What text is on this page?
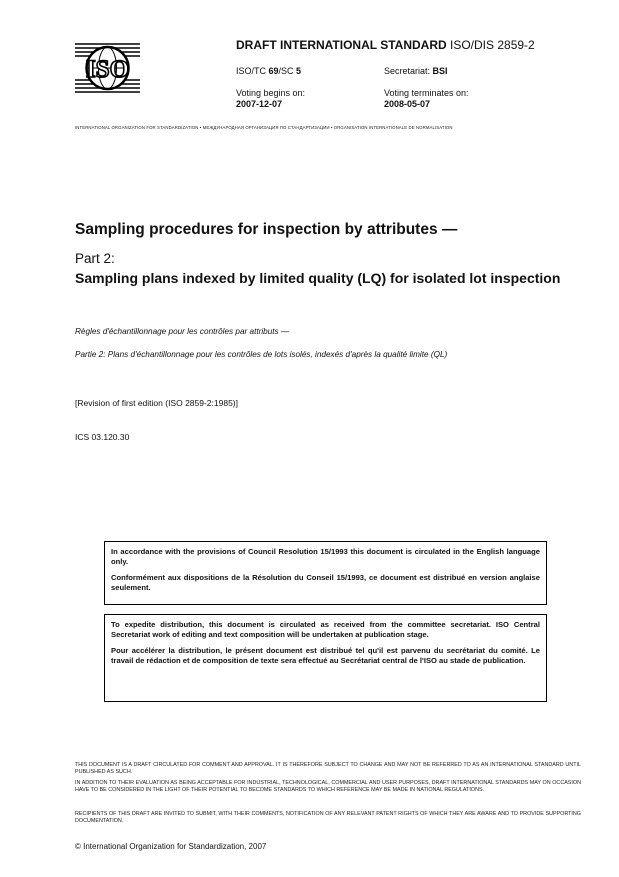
ISO
DRAFT INTERNATIONAL STANDARD ISO/DIS 2859-2
ISO/TC 69/SC 5	Secretariat: BSI
Voting begins on:
2007-12-07
Voting terminates on:
2008-05-07
INTERNATIONAL ORGANIZATION FOR STANDARDIZATION • МЕЖДУНАРОДНАЯ ОРГАНИЗАЦИЯ ПО СТАНДАРТИЗАЦИИ • ORGANISATION INTERNATIONALE DE NORMALISATION
Sampling procedures for inspection by attributes —
Part 2:
Sampling plans indexed by limited quality (LQ) for isolated lot inspection
Règles d'échantillonnage pour les contrôles par attributs —
Partie 2: Plans d'échantillonnage pour les contrôles de lots isolés, indexés d'après la qualité limite (QL)
[Revision of first edition (ISO 2859-2:1985)]
ICS 03.120.30

In accordance with the provisions of Council Resolution 15/1993 this document is circulated in the English language only.

Conformément aux dispositions de la Résolution du Conseil 15/1993, ce document est distribué en version anglaise seulement.

To expedite distribution, this document is circulated as received from the committee secretariat. ISO Central Secretariat work of editing and text composition will be undertaken at publication stage.

Pour accélérer la distribution, le présent document est distribué tel qu'il est parvenu du secrétariat du comité. Le travail de rédaction et de composition de texte sera effectué au Secrétariat central de l'ISO au stade de publication.

THIS DOCUMENT IS A DRAFT CIRCULATED FOR COMMENT AND APPROVAL. IT IS THEREFORE SUBJECT TO CHANGE AND MAY NOT BE REFERRED TO AS AN INTERNATIONAL STANDARD UNTIL PUBLISHED AS SUCH.
IN ADDITION TO THEIR EVALUATION AS BEING ACCEPTABLE FOR INDUSTRIAL, TECHNOLOGICAL, COMMERCIAL AND USER PURPOSES, DRAFT INTERNATIONAL STANDARDS MAY ON OCCASION HAVE TO BE CONSIDERED IN THE LIGHT OF THEIR POTENTIAL TO BECOME STANDARDS TO WHICH REFERENCE MAY BE MADE IN NATIONAL REGULATIONS.
RECIPIENTS OF THIS DRAFT ARE INVITED TO SUBMIT, WITH THEIR COMMENTS, NOTIFICATION OF ANY RELEVANT PATENT RIGHTS OF WHICH THEY ARE AWARE AND TO PROVIDE SUPPORTING DOCUMENTATION.
© International Organization for Standardization, 2007
